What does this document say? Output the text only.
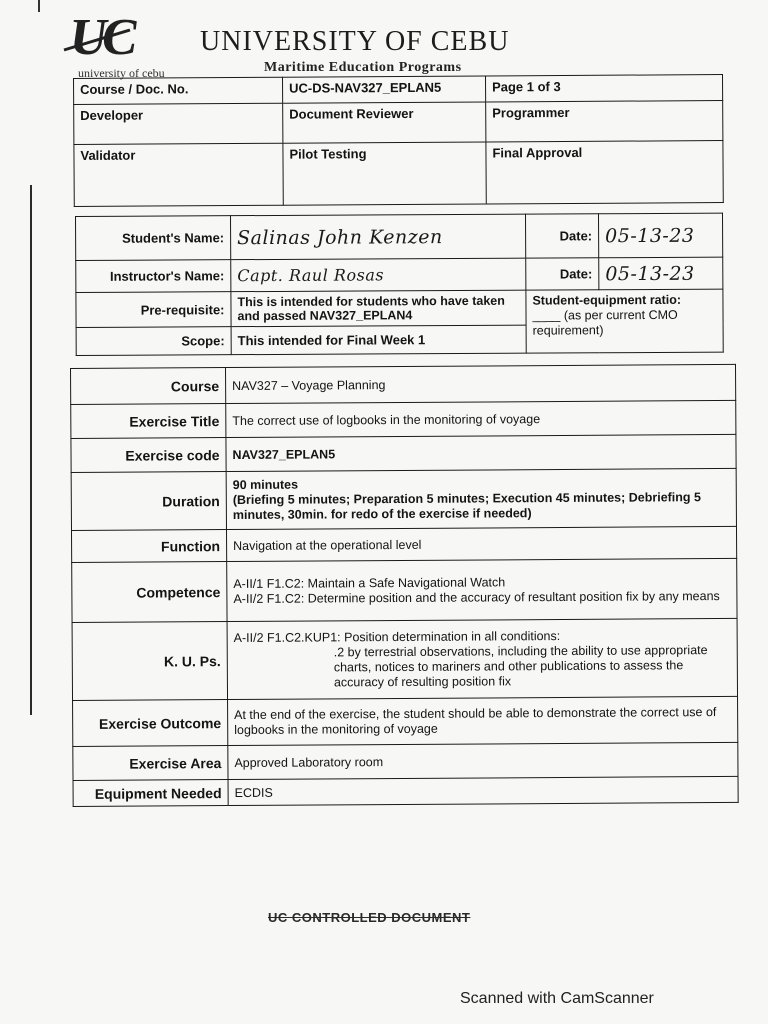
UC
university of cebu
UNIVERSITY OF CEBU
Maritime Education Programs
Course / Doc. No.	UC-DS-NAV327_EPLAN5	Page 1 of 3
Developer	Document Reviewer	Programmer
Validator	Pilot Testing	Final Approval
Student's Name:	Salinas John Kenzen	Date:	05-13-23
Instructor's Name:	Capt. Raul Rosas	Date:	05-13-23
Pre-requisite:	This is intended for students who have taken and passed NAV327_EPLAN4	Student-equipment ratio:
____ (as per current CMO requirement)	

Scope:	This intended for Final Week 1		
Course	NAV327 – Voyage Planning
Exercise Title	The correct use of logbooks in the monitoring of voyage
Exercise code	NAV327_EPLAN5
Duration	90 minutes
(Briefing 5 minutes; Preparation 5 minutes; Execution 45 minutes; Debriefing 5 minutes, 30min. for redo of the exercise if needed)

Function	Navigation at the operational level
Competence	A-II/1 F1.C2: Maintain a Safe Navigational Watch
A-II/2 F1.C2: Determine position and the accuracy of resultant position fix by any means

K. U. Ps.	A-II/2 F1.C2.KUP1: Position determination in all conditions:
.2 by terrestrial observations, including the ability to use appropriate charts, notices to mariners and other publications to assess the accuracy of resulting position fix

Exercise Outcome	At the end of the exercise, the student should be able to demonstrate the correct use of logbooks in the monitoring of voyage
Exercise Area	Approved Laboratory room
Equipment Needed	ECDIS
UC CONTROLLED DOCUMENT
Scanned with CamScanner
